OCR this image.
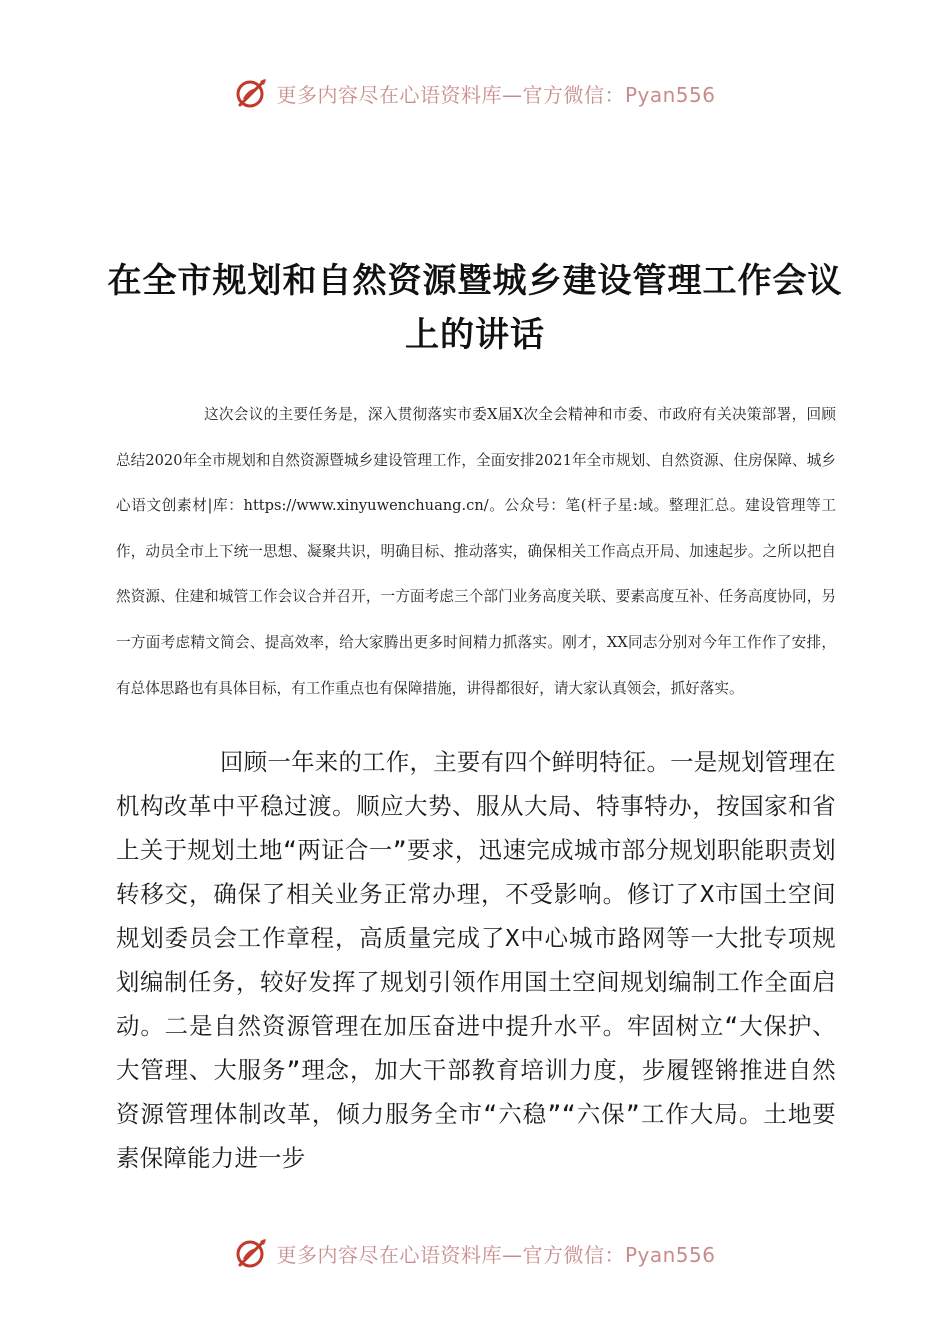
更多内容尽在心语资料库—官方微信：Pyan556
在全市规划和自然资源暨城乡建设管理工作会议上的讲话

这次会议的主要任务是，深入贯彻落实市委X届X次全会精神和市委、市政府有关决策部署，回顾总结2020年全市规划和自然资源暨城乡建设管理工作，全面安排2021年全市规划、自然资源、住房保障、城乡心语文创素材|库：https://www.xinyuwenchuang.cn/。公众号：笔(杆子星:域。整理汇总。建设管理等工作，动员全市上下统一思想、凝聚共识，明确目标、推动落实，确保相关工作高点开局、加速起步。之所以把自然资源、住建和城管工作会议合并召开，一方面考虑三个部门业务高度关联、要素高度互补、任务高度协同，另一方面考虑精文简会、提高效率，给大家腾出更多时间精力抓落实。刚才，XX同志分别对今年工作作了安排，有总体思路也有具体目标，有工作重点也有保障措施，讲得都很好，请大家认真领会，抓好落实。

回顾一年来的工作，主要有四个鲜明特征。一是规划管理在机构改革中平稳过渡。顺应大势、服从大局、特事特办，按国家和省上关于规划土地“两证合一”要求，迅速完成城市部分规划职能职责划转移交，确保了相关业务正常办理，不受影响。修订了X市国土空间规划委员会工作章程，高质量完成了X中心城市路网等一大批专项规划编制任务，较好发挥了规划引领作用国土空间规划编制工作全面启动。二是自然资源管理在加压奋进中提升水平。牢固树立“大保护、大管理、大服务”理念，加大干部教育培训力度，步履铿锵推进自然资源管理体制改革，倾力服务全市“六稳”“六保”工作大局。土地要素保障能力进一步

更多内容尽在心语资料库—官方微信：Pyan556
